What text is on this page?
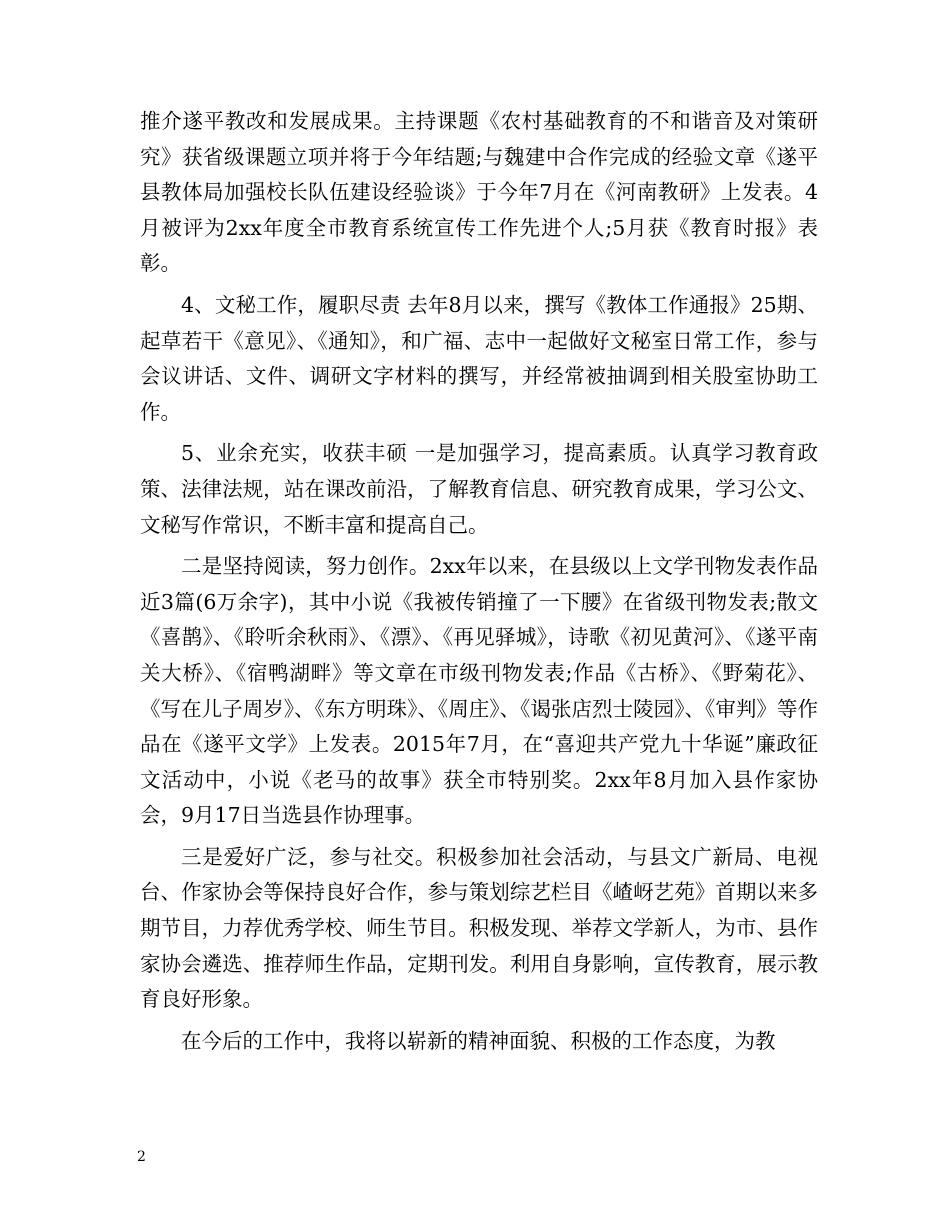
推介遂平教改和发展成果。主持课题《农村基础教育的不和谐音及对策研究》获省级课题立项并将于今年结题;与魏建中合作完成的经验文章《遂平县教体局加强校长队伍建设经验谈》于今年7月在《河南教研》上发表。4月被评为2xx年度全市教育系统宣传工作先进个人;5月获《教育时报》表彰。

4、文秘工作，履职尽责 去年8月以来，撰写《教体工作通报》25期、起草若干《意见》、《通知》，和广福、志中一起做好文秘室日常工作，参与会议讲话、文件、调研文字材料的撰写，并经常被抽调到相关股室协助工作。

5、业余充实，收获丰硕 一是加强学习，提高素质。认真学习教育政策、法律法规，站在课改前沿，了解教育信息、研究教育成果，学习公文、文秘写作常识，不断丰富和提高自己。

二是坚持阅读，努力创作。2xx年以来，在县级以上文学刊物发表作品近3篇(6万余字)，其中小说《我被传销撞了一下腰》在省级刊物发表;散文《喜鹊》、《聆听余秋雨》、《漂》、《再见驿城》，诗歌《初见黄河》、《遂平南关大桥》、《宿鸭湖畔》等文章在市级刊物发表;作品《古桥》、《野菊花》、《写在儿子周岁》、《东方明珠》、《周庄》、《谒张店烈士陵园》、《审判》等作品在《遂平文学》上发表。2015年7月，在“喜迎共产党九十华诞”廉政征文活动中，小说《老马的故事》获全市特别奖。2xx年8月加入县作家协会，9月17日当选县作协理事。

三是爱好广泛，参与社交。积极参加社会活动，与县文广新局、电视台、作家协会等保持良好合作，参与策划综艺栏目《嵖岈艺苑》首期以来多期节目，力荐优秀学校、师生节目。积极发现、举荐文学新人，为市、县作家协会遴选、推荐师生作品，定期刊发。利用自身影响，宣传教育，展示教育良好形象。

在今后的工作中，我将以崭新的精神面貌、积极的工作态度，为教

2
